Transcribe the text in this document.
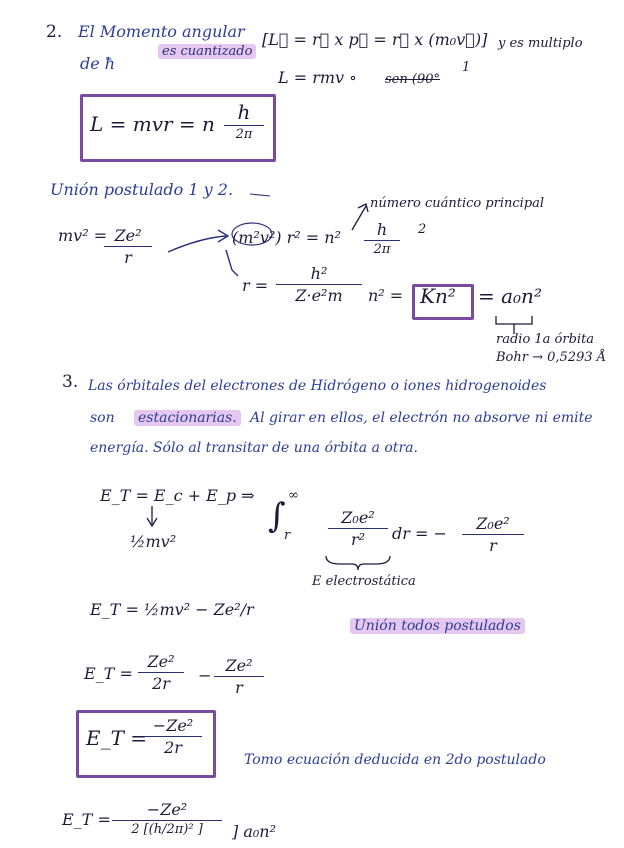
2. El Momento angular
es cuantizado
[L⃗ = r⃗ x p⃗ = r⃗ x (m₀v⃗)] y es multiplo
de ħ
L = rmv ∘ sen (90°
1
L = mvr = n	h
2π
Unión postulado 1 y 2.
mv² = Ze²
r
(m²v²) r² = n²	h
2π
2
número cuántico principal
r =
h²
Z·e²m	n² = Kn² = a₀n²
radio 1a órbita
Bohr → 0,5293 Å
3. Las órbitales del electrones de Hidrógeno o iones hidrogenoides
son estacionarias. Al girar en ellos, el electrón no absorve ni emite
energía. Sólo al transitar de una órbita a otra.
E_T = E_c + E_p ⇒
½mv²
∫
∞
r
Z₀e²
r²	dr = −
Z₀e²
r
E electrostática
E_T = ½mv² − Ze²/r
Unión todos postulados
E_T =
Ze²
2r	−
Ze²
r
E_T =
−Ze²
2r
Tomo ecuación deducida en 2do postulado
E_T =
−Ze²
2 [(h/2π)² ]	] a₀n²
